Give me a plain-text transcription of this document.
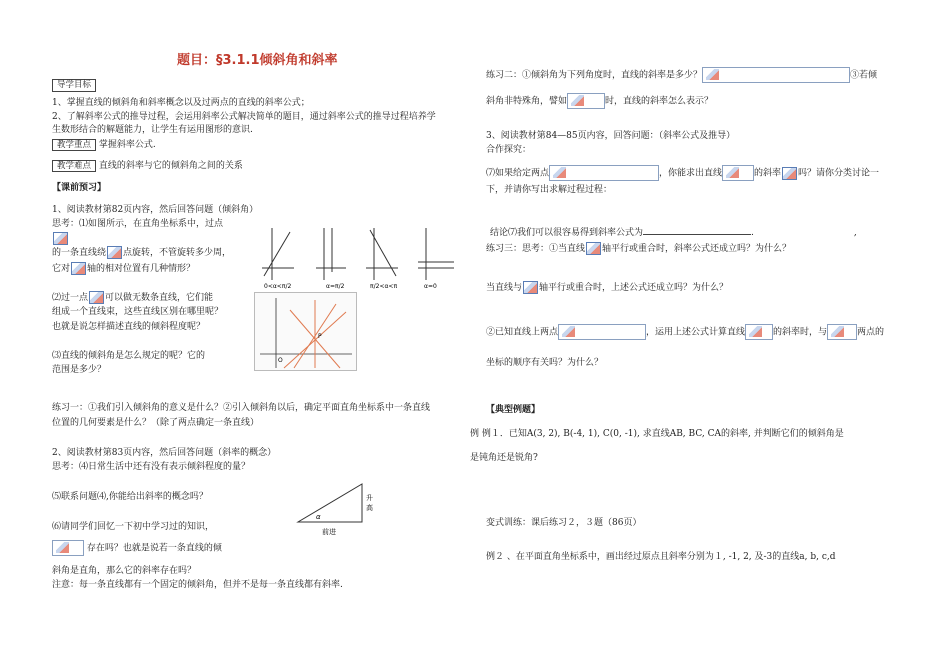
题目：§3.1.1倾斜角和斜率
导学目标
1、掌握直线的倾斜角和斜率概念以及过两点的直线的斜率公式；
2、了解斜率公式的推导过程，会运用斜率公式解决简单的题目，通过斜率公式的推导过程培养学
生数形结合的解题能力，让学生有运用图形的意识.
教学重点 掌握斜率公式.
教学难点 直线的斜率与它的倾斜角之间的关系
【课前预习】
1、阅读教材第82页内容，然后回答问题（倾斜角）
思考：⑴如图所示，在直角坐标系中，过点
的一条直线绕 点旋转，不管旋转多少周，
它对 轴的相对位置有几种情形？
0<α<π/2	α=π/2	π/2<α<π	α=0
⑵过一点 可以做无数条直线，它们能
组成一个直线束，这些直线区别在哪里呢？
也就是说怎样描述直线的倾斜程度呢？
⑶直线的倾斜角是怎么规定的呢？它的
范围是多少？
O
P
练习一：①我们引入倾斜角的意义是什么？②引入倾斜角以后，确定平面直角坐标系中一条直线
位置的几何要素是什么？（除了两点确定一条直线）
2、阅读教材第83页内容，然后回答问题（斜率的概念）
思考：⑷日常生活中还有没有表示倾斜程度的量？
⑸联系问题⑷,你能给出斜率的概念吗？
⑹请同学们回忆一下初中学习过的知识，
升
高
前进
α
存在吗？也就是说若一条直线的倾
斜角是直角，那么它的斜率存在吗？
注意：每一条直线都有一个固定的倾斜角，但并不是每一条直线都有斜率.
练习二：①倾斜角为下列角度时，直线的斜率是多少？	③若倾
斜角非特殊角，譬如	时，直线的斜率怎么表示？
3、阅读教材第84—85页内容，回答问题：（斜率公式及推导）
合作探究：
⑺如果给定两点	，你能求出直线	的斜率 吗？请你分类讨论一
下，并请你写出求解过程过程：
结论⑺我们可以很容易得到斜率公式为	.	,
练习三：思考：①当直线 轴平行或重合时，斜率公式还成立吗？为什么？
当直线与 轴平行或重合时，上述公式还成立吗？为什么？
②已知直线上两点	，运用上述公式计算直线	的斜率时，与	两点的
坐标的顺序有关吗？为什么？
【典型例题】
例 例１．已知A(3, 2), B(-4, 1), C(0, -1), 求直线AB, BC, CA的斜率, 并判断它们的倾斜角是
是钝角还是锐角?
变式训练：课后练习２，３题（86页）
例２ 、在平面直角坐标系中，画出经过原点且斜率分别为１, -1, 2, 及-3的直线a, b, c,d
